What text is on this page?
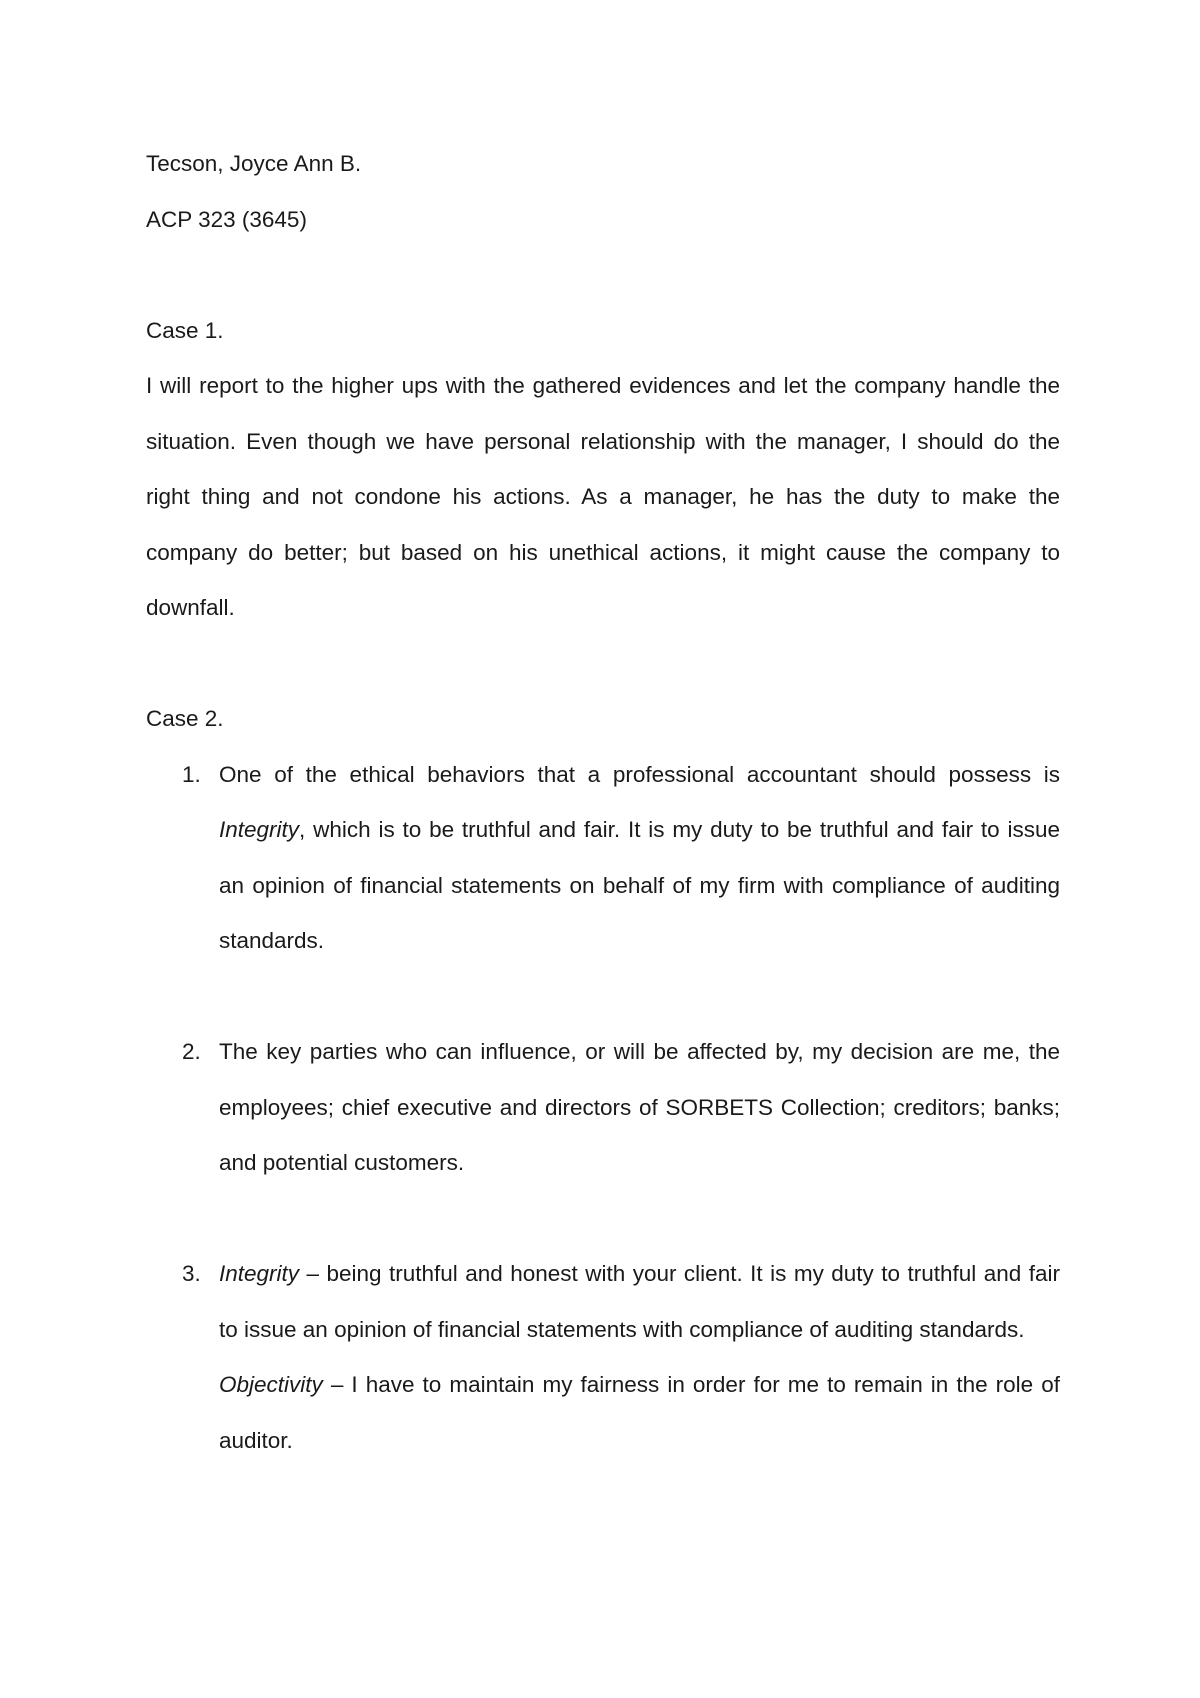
Tecson, Joyce Ann B.

ACP 323 (3645)

Case 1.

I will report to the higher ups with the gathered evidences and let the company handle the situation. Even though we have personal relationship with the manager, I should do the right thing and not condone his actions. As a manager, he has the duty to make the company do better; but based on his unethical actions, it might cause the company to downfall.

Case 2.

1. One of the ethical behaviors that a professional accountant should possess is Integrity, which is to be truthful and fair. It is my duty to be truthful and fair to issue an opinion of financial statements on behalf of my firm with compliance of auditing standards.

2. The key parties who can influence, or will be affected by, my decision are me, the employees; chief executive and directors of SORBETS Collection; creditors; banks; and potential customers.

3. Integrity – being truthful and honest with your client. It is my duty to truthful and fair to issue an opinion of financial statements with compliance of auditing standards.

Objectivity – I have to maintain my fairness in order for me to remain in the role of auditor.
